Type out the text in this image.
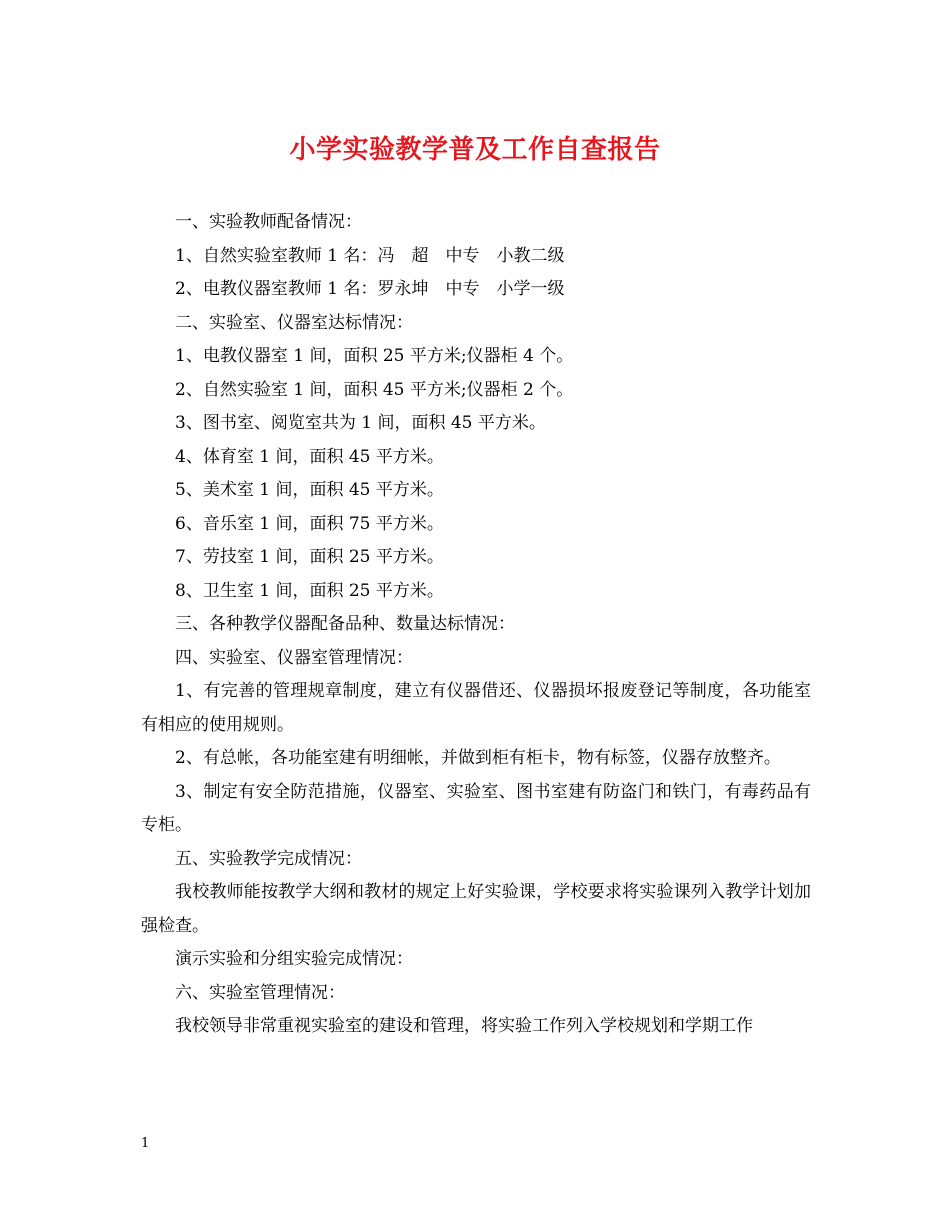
小学实验教学普及工作自查报告

一、实验教师配备情况：

1、自然实验室教师 1 名：冯　超　中专　小教二级

2、电教仪器室教师 1 名：罗永坤　中专　小学一级

二、实验室、仪器室达标情况：

1、电教仪器室 1 间，面积 25 平方米;仪器柜 4 个。

2、自然实验室 1 间，面积 45 平方米;仪器柜 2 个。

3、图书室、阅览室共为 1 间，面积 45 平方米。

4、体育室 1 间，面积 45 平方米。

5、美术室 1 间，面积 45 平方米。

6、音乐室 1 间，面积 75 平方米。

7、劳技室 1 间，面积 25 平方米。

8、卫生室 1 间，面积 25 平方米。

三、各种教学仪器配备品种、数量达标情况：

四、实验室、仪器室管理情况：

1、有完善的管理规章制度，建立有仪器借还、仪器损坏报废登记等制度，各功能室有相应的使用规则。

2、有总帐，各功能室建有明细帐，并做到柜有柜卡，物有标签，仪器存放整齐。

3、制定有安全防范措施，仪器室、实验室、图书室建有防盗门和铁门，有毒药品有专柜。

五、实验教学完成情况：

我校教师能按教学大纲和教材的规定上好实验课，学校要求将实验课列入教学计划加强检查。

演示实验和分组实验完成情况：

六、实验室管理情况：

我校领导非常重视实验室的建设和管理，将实验工作列入学校规划和学期工作

1
